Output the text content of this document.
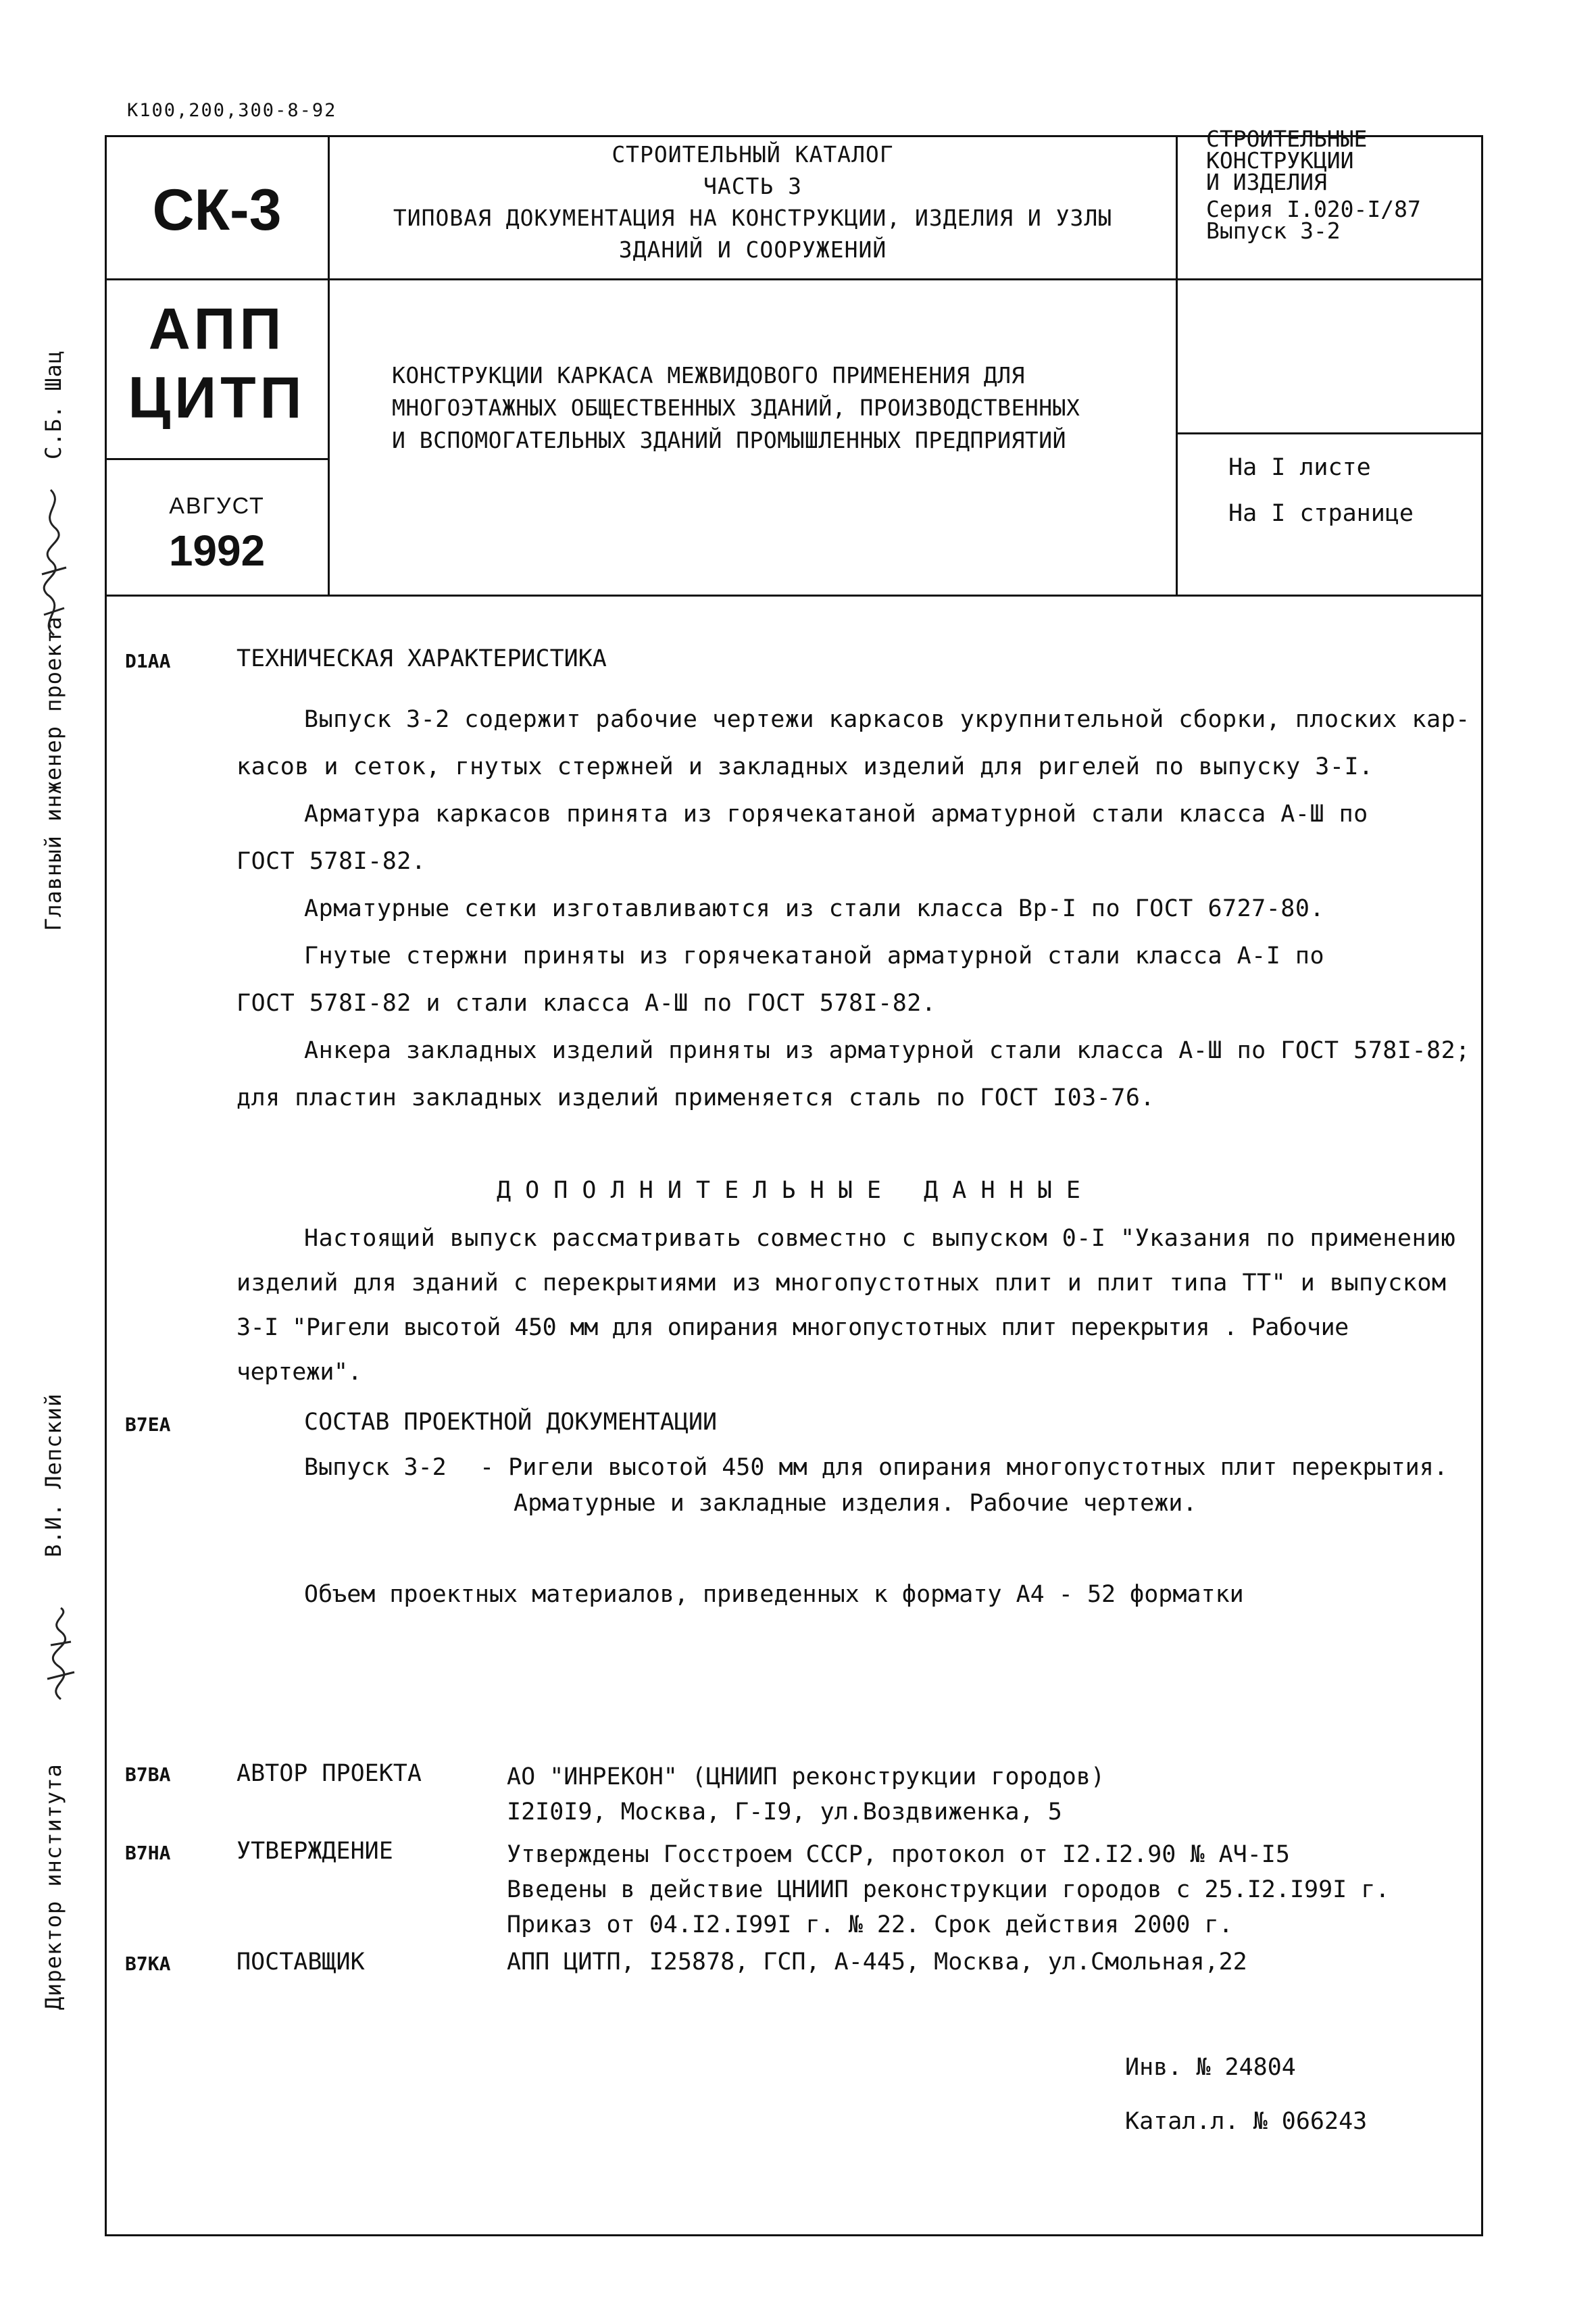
К100,200,300-8-92
СК-3
АПП
ЦИТП
АВГУСТ
1992
СТРОИТЕЛЬНЫЙ КАТАЛОГ
ЧАСТЬ 3
ТИПОВАЯ ДОКУМЕНТАЦИЯ НА КОНСТРУКЦИИ, ИЗДЕЛИЯ И УЗЛЫ
ЗДАНИЙ И СООРУЖЕНИЙ
СТРОИТЕЛЬНЫЕ
КОНСТРУКЦИИ
И ИЗДЕЛИЯ
Серия I.020-I/87
Выпуск 3-2
КОНСТРУКЦИИ КАРКАСА МЕЖВИДОВОГО ПРИМЕНЕНИЯ ДЛЯ
МНОГОЭТАЖНЫХ ОБЩЕСТВЕННЫХ ЗДАНИЙ, ПРОИЗВОДСТВЕННЫХ
И ВСПОМОГАТЕЛЬНЫХ ЗДАНИЙ ПРОМЫШЛЕННЫХ ПРЕДПРИЯТИЙ
На I листе
На I странице
Главный инженер проекта
С.Б. Шац
В.И. Лепский
Директор института
D1AA	ТЕХНИЧЕСКАЯ ХАРАКТЕРИСТИКА
Выпуск 3-2 содержит рабочие чертежи каркасов укрупнительной сборки, плоских кар-
касов и сеток, гнутых стержней и закладных изделий для ригелей по выпуску 3-I.
Арматура каркасов принята из горячекатаной арматурной стали класса А-Ш по
ГОСТ 578I-82.
Арматурные сетки изготавливаются из стали класса Вр-I по ГОСТ 6727-80.
Гнутые стержни приняты из горячекатаной арматурной стали класса А-I по
ГОСТ 578I-82 и стали класса А-Ш по ГОСТ 578I-82.
Анкера закладных изделий приняты из арматурной стали класса А-Ш по ГОСТ 578I-82;
для пластин закладных изделий применяется сталь по ГОСТ I03-76.
Д О П О Л Н И Т Е Л Ь Н Ы Е   Д А Н Н Ы Е
Настоящий выпуск рассматривать совместно с выпуском 0-I "Указания по применению
изделий для зданий с перекрытиями из многопустотных плит и плит типа ТТ" и выпуском
3-I "Ригели высотой 450 мм для опирания многопустотных плит перекрытия . Рабочие чертежи".
B7EA	СОСТАВ ПРОЕКТНОЙ ДОКУМЕНТАЦИИ
Выпуск 3-2 - Ригели высотой 450 мм для опирания многопустотных плит перекрытия.
Арматурные и закладные изделия. Рабочие чертежи.
Объем проектных материалов, приведенных к формату А4 - 52 форматки
B7BA	АВТОР ПРОЕКТА	АО "ИНРЕКОН" (ЦНИИП реконструкции городов)
I2I0I9, Москва, Г-I9, ул.Воздвиженка, 5
B7HA	УТВЕРЖДЕНИЕ	Утверждены Госстроем СССР, протокол от I2.I2.90 № АЧ-I5
Введены в действие ЦНИИП реконструкции городов с 25.I2.I99I г.
Приказ от 04.I2.I99I г. № 22. Срок действия 2000 г.
B7KA	ПОСТАВЩИК	АПП ЦИТП, I25878, ГСП, А-445, Москва, ул.Смольная,22
Инв. № 24804
Катал.л. № 066243
